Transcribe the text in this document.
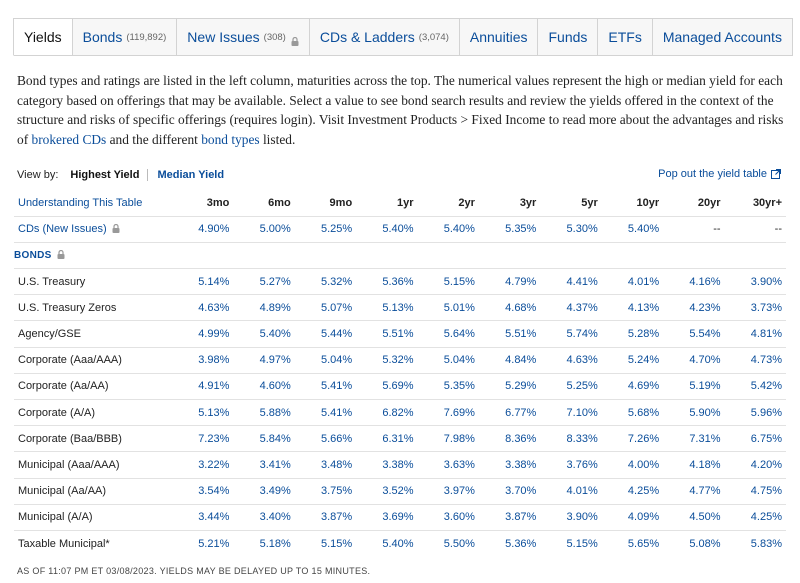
Yields Bonds (119,892) New Issues (308) CDs & Ladders (3,074) Annuities Funds ETFs Managed Accounts

Bond types and ratings are listed in the left column, maturities across the top. The numerical values represent the high or median yield for each category based on offerings that may be available. Select a value to see bond search results and review the yields offered in the context of the structure and risks of specific offerings (requires login). Visit Investment Products > Fixed Income to read more about the advantages and risks of brokered CDs and the different bond types listed.

View by: Highest Yield	Median Yield	Pop out the yield table
Understanding This Table	3mo	6mo	9mo	1yr	2yr	3yr	5yr	10yr	20yr	30yr+
CDs (New Issues)	4.90%	5.00%	5.25%	5.40%	5.40%	5.35%	5.30%	5.40%	--	--
BONDS										
U.S. Treasury	5.14%	5.27%	5.32%	5.36%	5.15%	4.79%	4.41%	4.01%	4.16%	3.90%
U.S. Treasury Zeros	4.63%	4.89%	5.07%	5.13%	5.01%	4.68%	4.37%	4.13%	4.23%	3.73%
Agency/GSE	4.99%	5.40%	5.44%	5.51%	5.64%	5.51%	5.74%	5.28%	5.54%	4.81%
Corporate (Aaa/AAA)	3.98%	4.97%	5.04%	5.32%	5.04%	4.84%	4.63%	5.24%	4.70%	4.73%
Corporate (Aa/AA)	4.91%	4.60%	5.41%	5.69%	5.35%	5.29%	5.25%	4.69%	5.19%	5.42%
Corporate (A/A)	5.13%	5.88%	5.41%	6.82%	7.69%	6.77%	7.10%	5.68%	5.90%	5.96%
Corporate (Baa/BBB)	7.23%	5.84%	5.66%	6.31%	7.98%	8.36%	8.33%	7.26%	7.31%	6.75%
Municipal (Aaa/AAA)	3.22%	3.41%	3.48%	3.38%	3.63%	3.38%	3.76%	4.00%	4.18%	4.20%
Municipal (Aa/AA)	3.54%	3.49%	3.75%	3.52%	3.97%	3.70%	4.01%	4.25%	4.77%	4.75%
Municipal (A/A)	3.44%	3.40%	3.87%	3.69%	3.60%	3.87%	3.90%	4.09%	4.50%	4.25%
Taxable Municipal*	5.21%	5.18%	5.15%	5.40%	5.50%	5.36%	5.15%	5.65%	5.08%	5.83%
AS OF 11:07 PM ET 03/08/2023. YIELDS MAY BE DELAYED UP TO 15 MINUTES.
